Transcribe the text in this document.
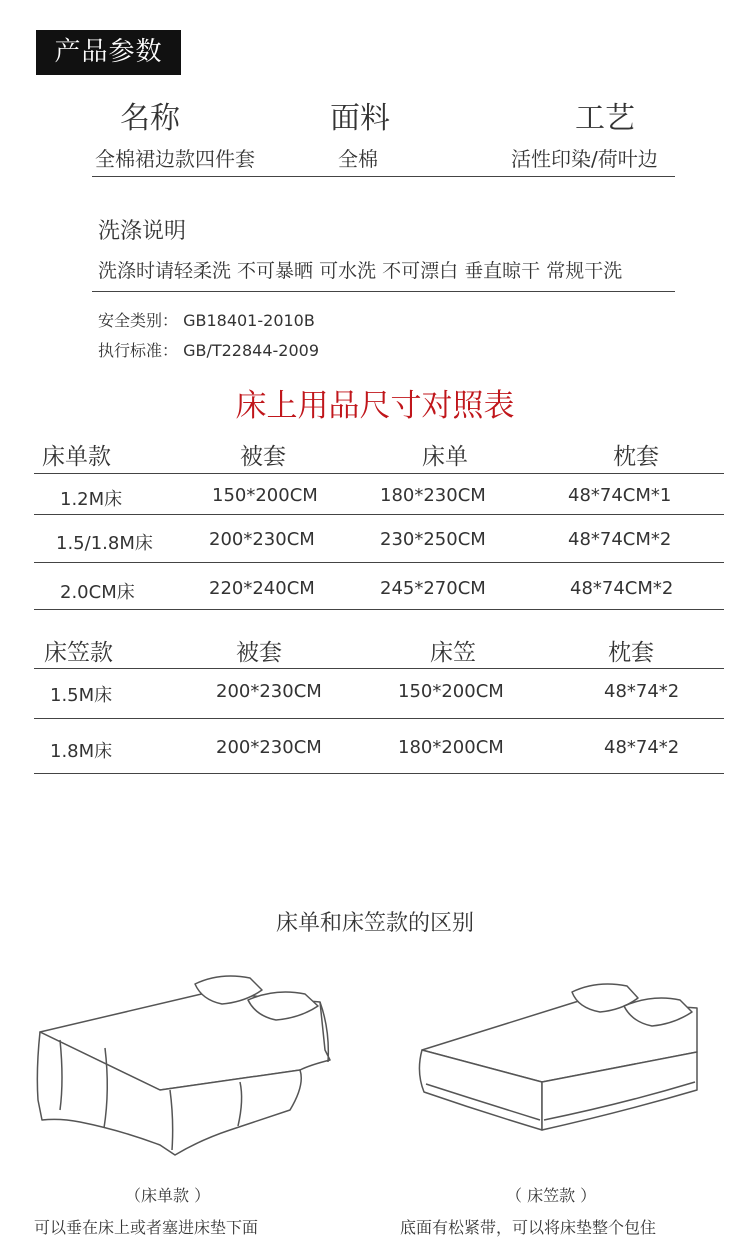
产品参数
名称	面料	工艺
全棉裙边款四件套	全棉	活性印染/荷叶边
洗涤说明
洗涤时请轻柔洗 不可暴晒 可水洗 不可漂白 垂直晾干 常规干洗
安全类别： GB18401-2010B
执行标准： GB/T22844-2009
床上用品尺寸对照表
床单款	被套	床单	枕套
1.2M床	150*200CM	180*230CM	48*74CM*1
1.5/1.8M床	200*230CM	230*250CM	48*74CM*2
2.0CM床	220*240CM	245*270CM	48*74CM*2
床笠款	被套	床笠	枕套
1.5M床	200*230CM	150*200CM	48*74*2
1.8M床	200*230CM	180*200CM	48*74*2
床单和床笠款的区别
（床单款 ）
可以垂在床上或者塞进床垫下面
（ 床笠款 ）
底面有松紧带，可以将床垫整个包住
